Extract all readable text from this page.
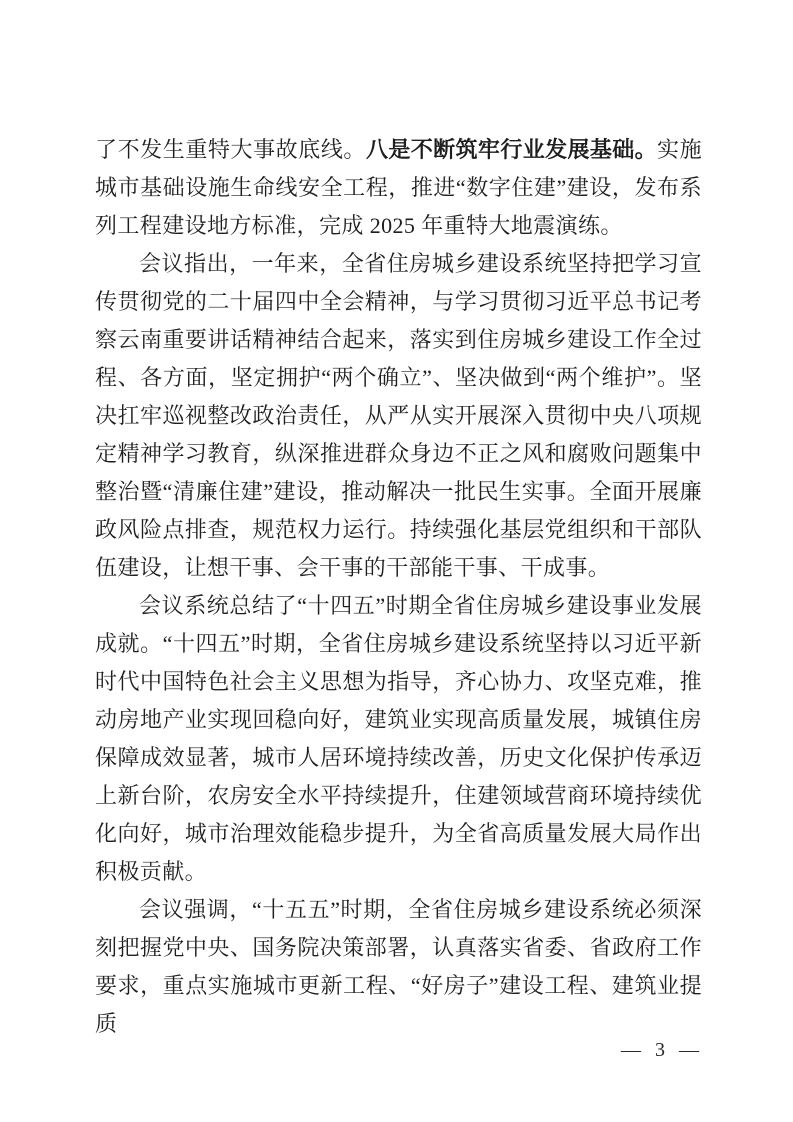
了不发生重特大事故底线。八是不断筑牢行业发展基础。实施城市基础设施生命线安全工程，推进“数字住建”建设，发布系列工程建设地方标准，完成 2025 年重特大地震演练。

会议指出，一年来，全省住房城乡建设系统坚持把学习宣传贯彻党的二十届四中全会精神，与学习贯彻习近平总书记考察云南重要讲话精神结合起来，落实到住房城乡建设工作全过程、各方面，坚定拥护“两个确立”、坚决做到“两个维护”。坚决扛牢巡视整改政治责任，从严从实开展深入贯彻中央八项规定精神学习教育，纵深推进群众身边不正之风和腐败问题集中整治暨“清廉住建”建设，推动解决一批民生实事。全面开展廉政风险点排查，规范权力运行。持续强化基层党组织和干部队伍建设，让想干事、会干事的干部能干事、干成事。

会议系统总结了“十四五”时期全省住房城乡建设事业发展成就。“十四五”时期，全省住房城乡建设系统坚持以习近平新时代中国特色社会主义思想为指导，齐心协力、攻坚克难，推动房地产业实现回稳向好，建筑业实现高质量发展，城镇住房保障成效显著，城市人居环境持续改善，历史文化保护传承迈上新台阶，农房安全水平持续提升，住建领域营商环境持续优化向好，城市治理效能稳步提升，为全省高质量发展大局作出积极贡献。

会议强调，“十五五”时期，全省住房城乡建设系统必须深刻把握党中央、国务院决策部署，认真落实省委、省政府工作要求，重点实施城市更新工程、“好房子”建设工程、建筑业提质

— 3 —
